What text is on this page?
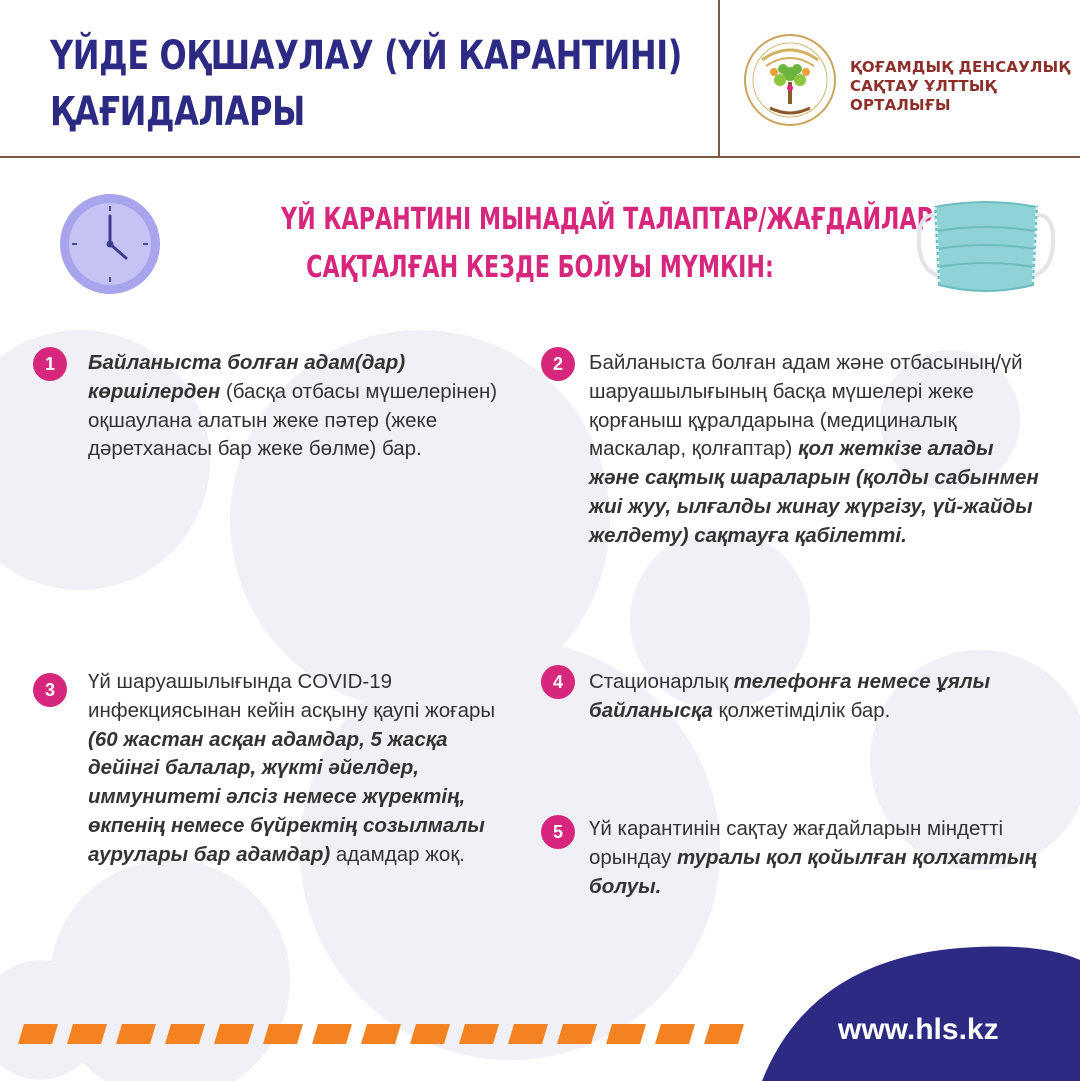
ҮЙДЕ ОҚШАУЛАУ (ҮЙ КАРАНТИНІ)
ҚАҒИДАЛАРЫ
ҚОҒАМДЫҚ ДЕНСАУЛЫҚ
САҚТАУ ҰЛТТЫҚ
ОРТАЛЫҒЫ
ҮЙ КАРАНТИНІ МЫНАДАЙ ТАЛАПТАР/ЖАҒДАЙЛАР
САҚТАЛҒАН КЕЗДЕ БОЛУЫ МҮМКІН:
1	Байланыста болған адам(дар) көршілерден (басқа отбасы мүшелерінен) оқшаулана алатын жеке пәтер (жеке дәретханасы бар жеке бөлме) бар.
2	Байланыста болған адам және отбасының/үй шаруашылығының басқа мүшелері жеке қорғаныш құралдарына (медициналық маскалар, қолғаптар) қол жеткізе алады және сақтық шараларын (қолды сабынмен жиі жуу, ылғалды жинау жүргізу, үй-жайды желдету) сақтауға қабілетті.
3	Үй шаруашылығында COVID-19 инфекциясынан кейін асқыну қаупі жоғары (60 жастан асқан адамдар, 5 жасқа дейінгі балалар, жүкті әйелдер, иммунитеті әлсіз немесе жүректің, өкпенің немесе бүйректің созылмалы аурулары бар адамдар) адамдар жоқ.
4	Стационарлық телефонға немесе ұялы байланысқа қолжетімділік бар.
5	Үй карантинін сақтау жағдайларын міндетті орындау туралы қол қойылған қолхаттың болуы.
www.hls.kz
